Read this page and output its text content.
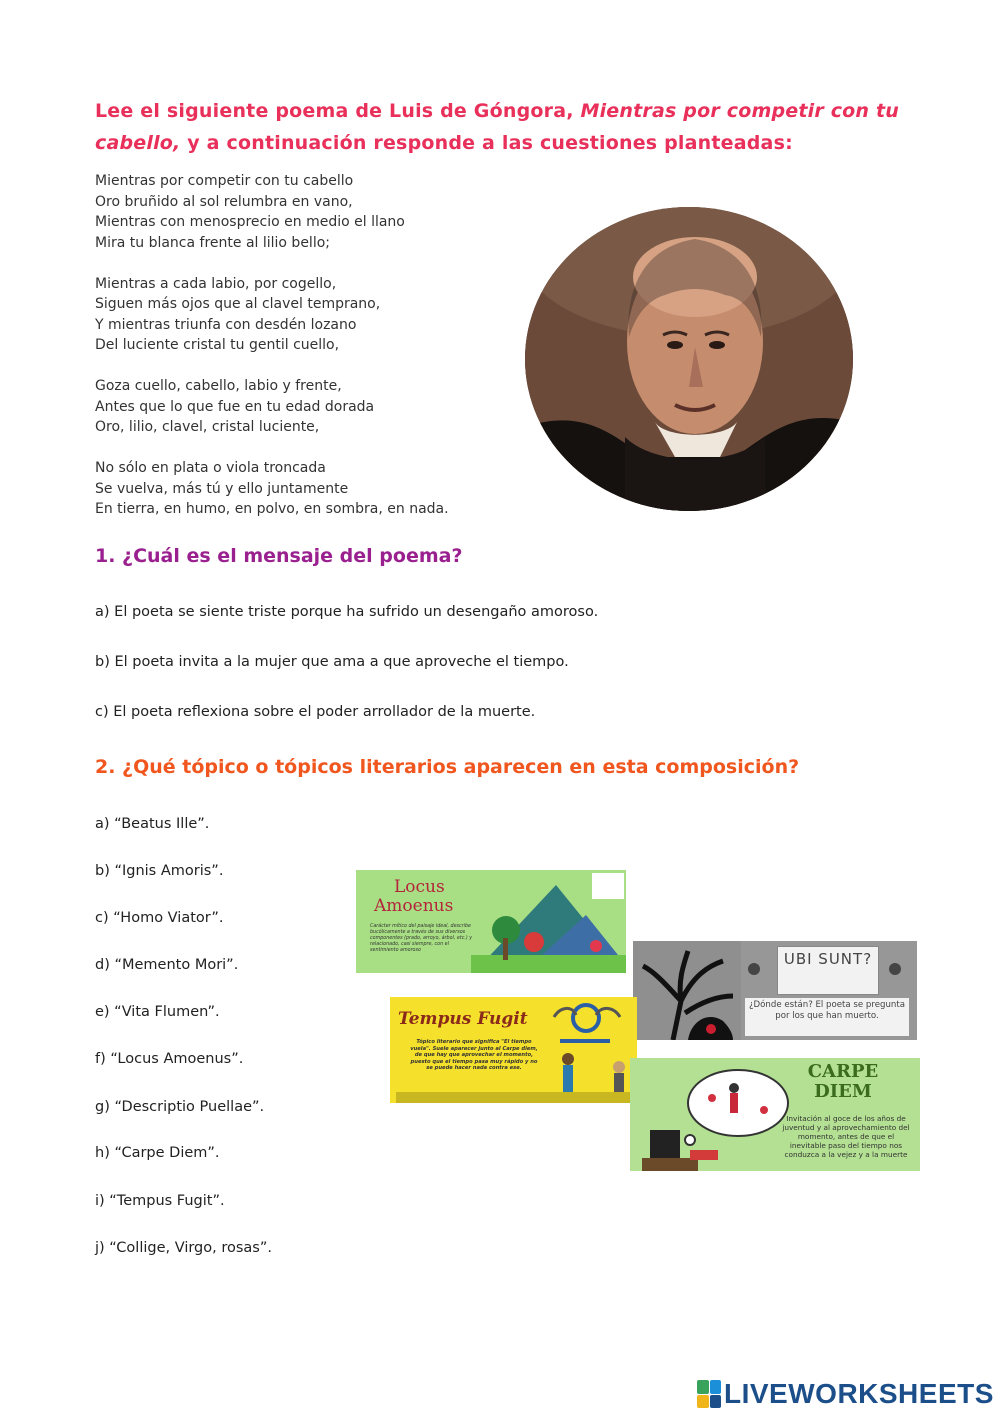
Lee el siguiente poema de Luis de Góngora, Mientras por competir con tu cabello, y a continuación responde a las cuestiones planteadas:
Mientras por competir con tu cabello
Oro bruñido al sol relumbra en vano,
Mientras con menosprecio en medio el llano
Mira tu blanca frente al lilio bello;
Mientras a cada labio, por cogello,
Siguen más ojos que al clavel temprano,
Y mientras triunfa con desdén lozano
Del luciente cristal tu gentil cuello,
Goza cuello, cabello, labio y frente,
Antes que lo que fue en tu edad dorada
Oro, lilio, clavel, cristal luciente,
No sólo en plata o viola troncada
Se vuelva, más tú y ello juntamente
En tierra, en humo, en polvo, en sombra, en nada.
1. ¿Cuál es el mensaje del poema?
a) El poeta se siente triste porque ha sufrido un desengaño amoroso.
b) El poeta invita a la mujer que ama a que aproveche el tiempo.
c) El poeta reflexiona sobre el poder arrollador de la muerte.
2. ¿Qué tópico o tópicos literarios aparecen en esta composición?
a) “Beatus Ille”.
b) “Ignis Amoris”.
c) “Homo Viator”.
d) “Memento Mori”.
e) “Vita Flumen”.
f) “Locus Amoenus”.
g) “Descriptio Puellae”.
h) “Carpe Diem”.
i) “Tempus Fugit”.
j) “Collige, Virgo, rosas”.
Locus
Amoenus
Carácter mítico del paisaje ideal, describe bucólicamente a través de sus diversos componentes (prado, arroyo, árbol, etc.) y relacionado, casi siempre, con el sentimiento amoroso	UBI SUNT?
¿Dónde están? El poeta se pregunta por los que han muerto.
Tempus Fugit
Tópico literario que significa "El tiempo vuela". Suele aparecer junto al Carpe diem, de que hay que aprovechar el momento, puesto que el tiempo pasa muy rápido y no se puede hacer nada contra ese.	CARPE DIEM
Invitación al goce de los años de juventud y al aprovechamiento del momento, antes de que el inevitable paso del tiempo nos conduzca a la vejez y a la muerte
LIVEWORKSHEETS
